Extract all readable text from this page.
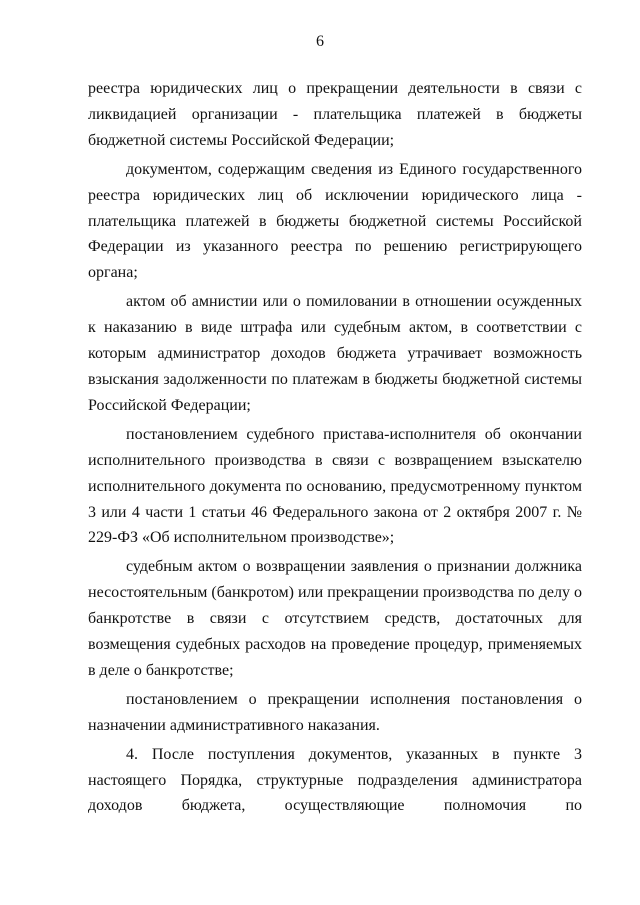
6

реестра юридических лиц о прекращении деятельности в связи с ликвидацией организации - плательщика платежей в бюджеты бюджетной системы Российской Федерации;

документом, содержащим сведения из Единого государственного реестра юридических лиц об исключении юридического лица - плательщика платежей в бюджеты бюджетной системы Российской Федерации из указанного реестра по решению регистрирующего органа;

актом об амнистии или о помиловании в отношении осужденных к наказанию в виде штрафа или судебным актом, в соответствии с которым администратор доходов бюджета утрачивает возможность взыскания задолженности по платежам в бюджеты бюджетной системы Российской Федерации;

постановлением судебного пристава-исполнителя об окончании исполнительного производства в связи с возвращением взыскателю исполнительного документа по основанию, предусмотренному пунктом 3 или 4 части 1 статьи 46 Федерального закона от 2 октября 2007 г. № 229-ФЗ «Об исполнительном производстве»;

судебным актом о возвращении заявления о признании должника несостоятельным (банкротом) или прекращении производства по делу о банкротстве в связи с отсутствием средств, достаточных для возмещения судебных расходов на проведение процедур, применяемых в деле о банкротстве;

постановлением о прекращении исполнения постановления о назначении административного наказания.

4. После поступления документов, указанных в пункте 3 настоящего Порядка, структурные подразделения администратора доходов бюджета, осуществляющие полномочия по
